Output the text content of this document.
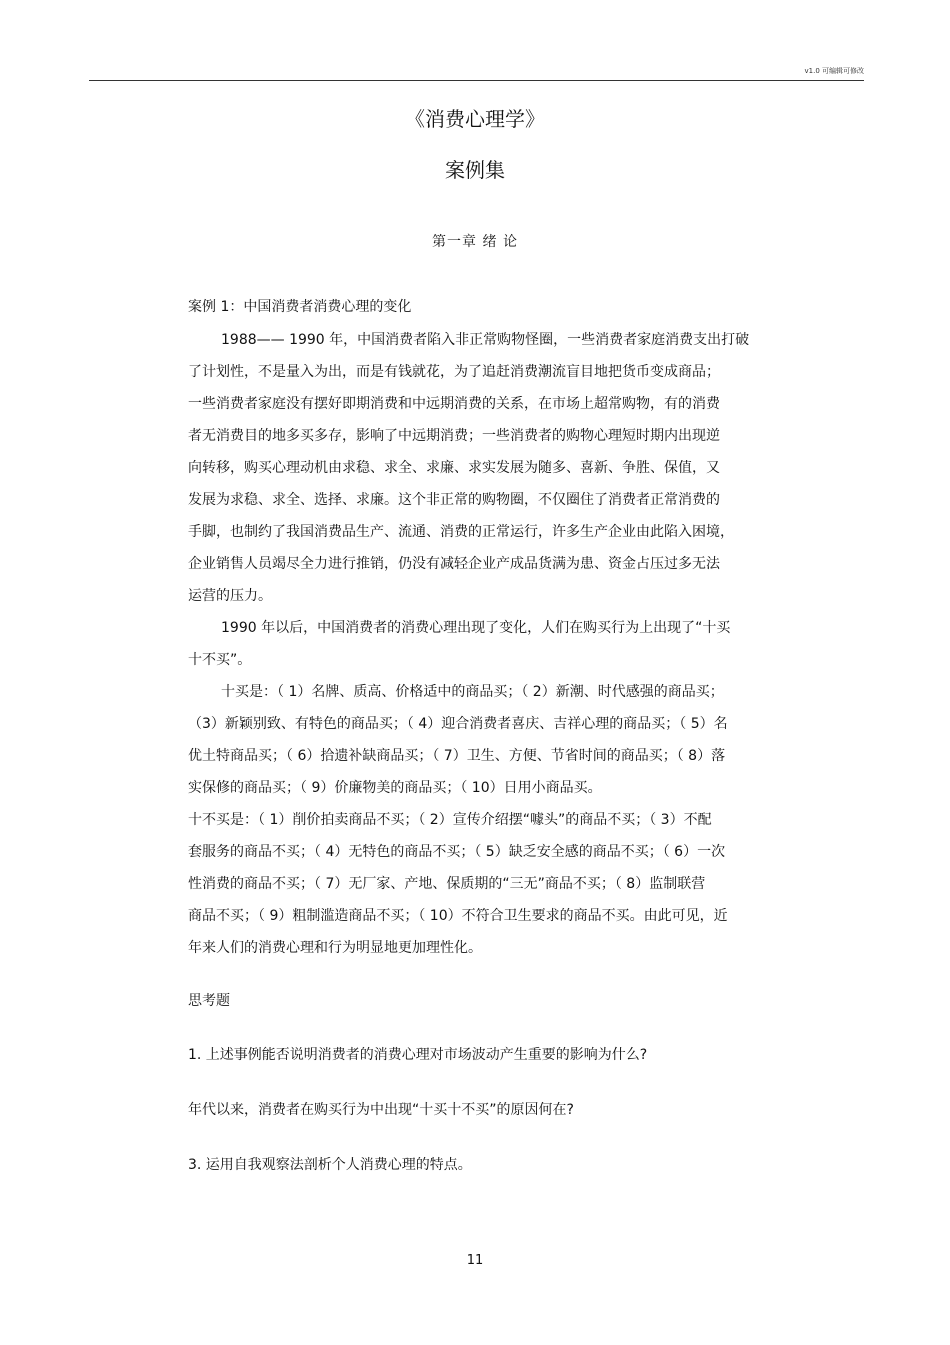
v1.0 可编辑可修改
《消费心理学》
案例集
第一章 绪 论
案例 1：中国消费者消费心理的变化
1988—— 1990 年，中国消费者陷入非正常购物怪圈，一些消费者家庭消费支出打破
了计划性，不是量入为出，而是有钱就花，为了追赶消费潮流盲目地把货币变成商品；
一些消费者家庭没有摆好即期消费和中远期消费的关系，在市场上超常购物，有的消费
者无消费目的地多买多存，影响了中远期消费；一些消费者的购物心理短时期内出现逆
向转移，购买心理动机由求稳、求全、求廉、求实发展为随多、喜新、争胜、保值，又
发展为求稳、求全、选择、求廉。这个非正常的购物圈，不仅圈住了消费者正常消费的
手脚，也制约了我国消费品生产、流通、消费的正常运行，许多生产企业由此陷入困境，
企业销售人员竭尽全力进行推销，仍没有减轻企业产成品货满为患、资金占压过多无法
运营的压力。
1990 年以后，中国消费者的消费心理出现了变化，人们在购买行为上出现了“十买
十不买”。
十买是：（ 1）名牌、质高、价格适中的商品买；（ 2）新潮、时代感强的商品买；
（3）新颖别致、有特色的商品买；（ 4）迎合消费者喜庆、吉祥心理的商品买；（ 5）名
优土特商品买；（ 6）拾遗补缺商品买；（ 7）卫生、方便、节省时间的商品买；（ 8）落
实保修的商品买；（ 9）价廉物美的商品买；（ 10）日用小商品买。
十不买是：（ 1）削价拍卖商品不买；（ 2）宣传介绍摆“噱头”的商品不买；（ 3）不配
套服务的商品不买；（ 4）无特色的商品不买；（ 5）缺乏安全感的商品不买；（ 6）一次
性消费的商品不买；（ 7）无厂家、产地、保质期的“三无”商品不买；（ 8）监制联营
商品不买；（ 9）粗制滥造商品不买；（ 10）不符合卫生要求的商品不买。由此可见，近
年来人们的消费心理和行为明显地更加理性化。
思考题
1. 上述事例能否说明消费者的消费心理对市场波动产生重要的影响为什么?
年代以来，消费者在购买行为中出现“十买十不买”的原因何在?
3. 运用自我观察法剖析个人消费心理的特点。
11
